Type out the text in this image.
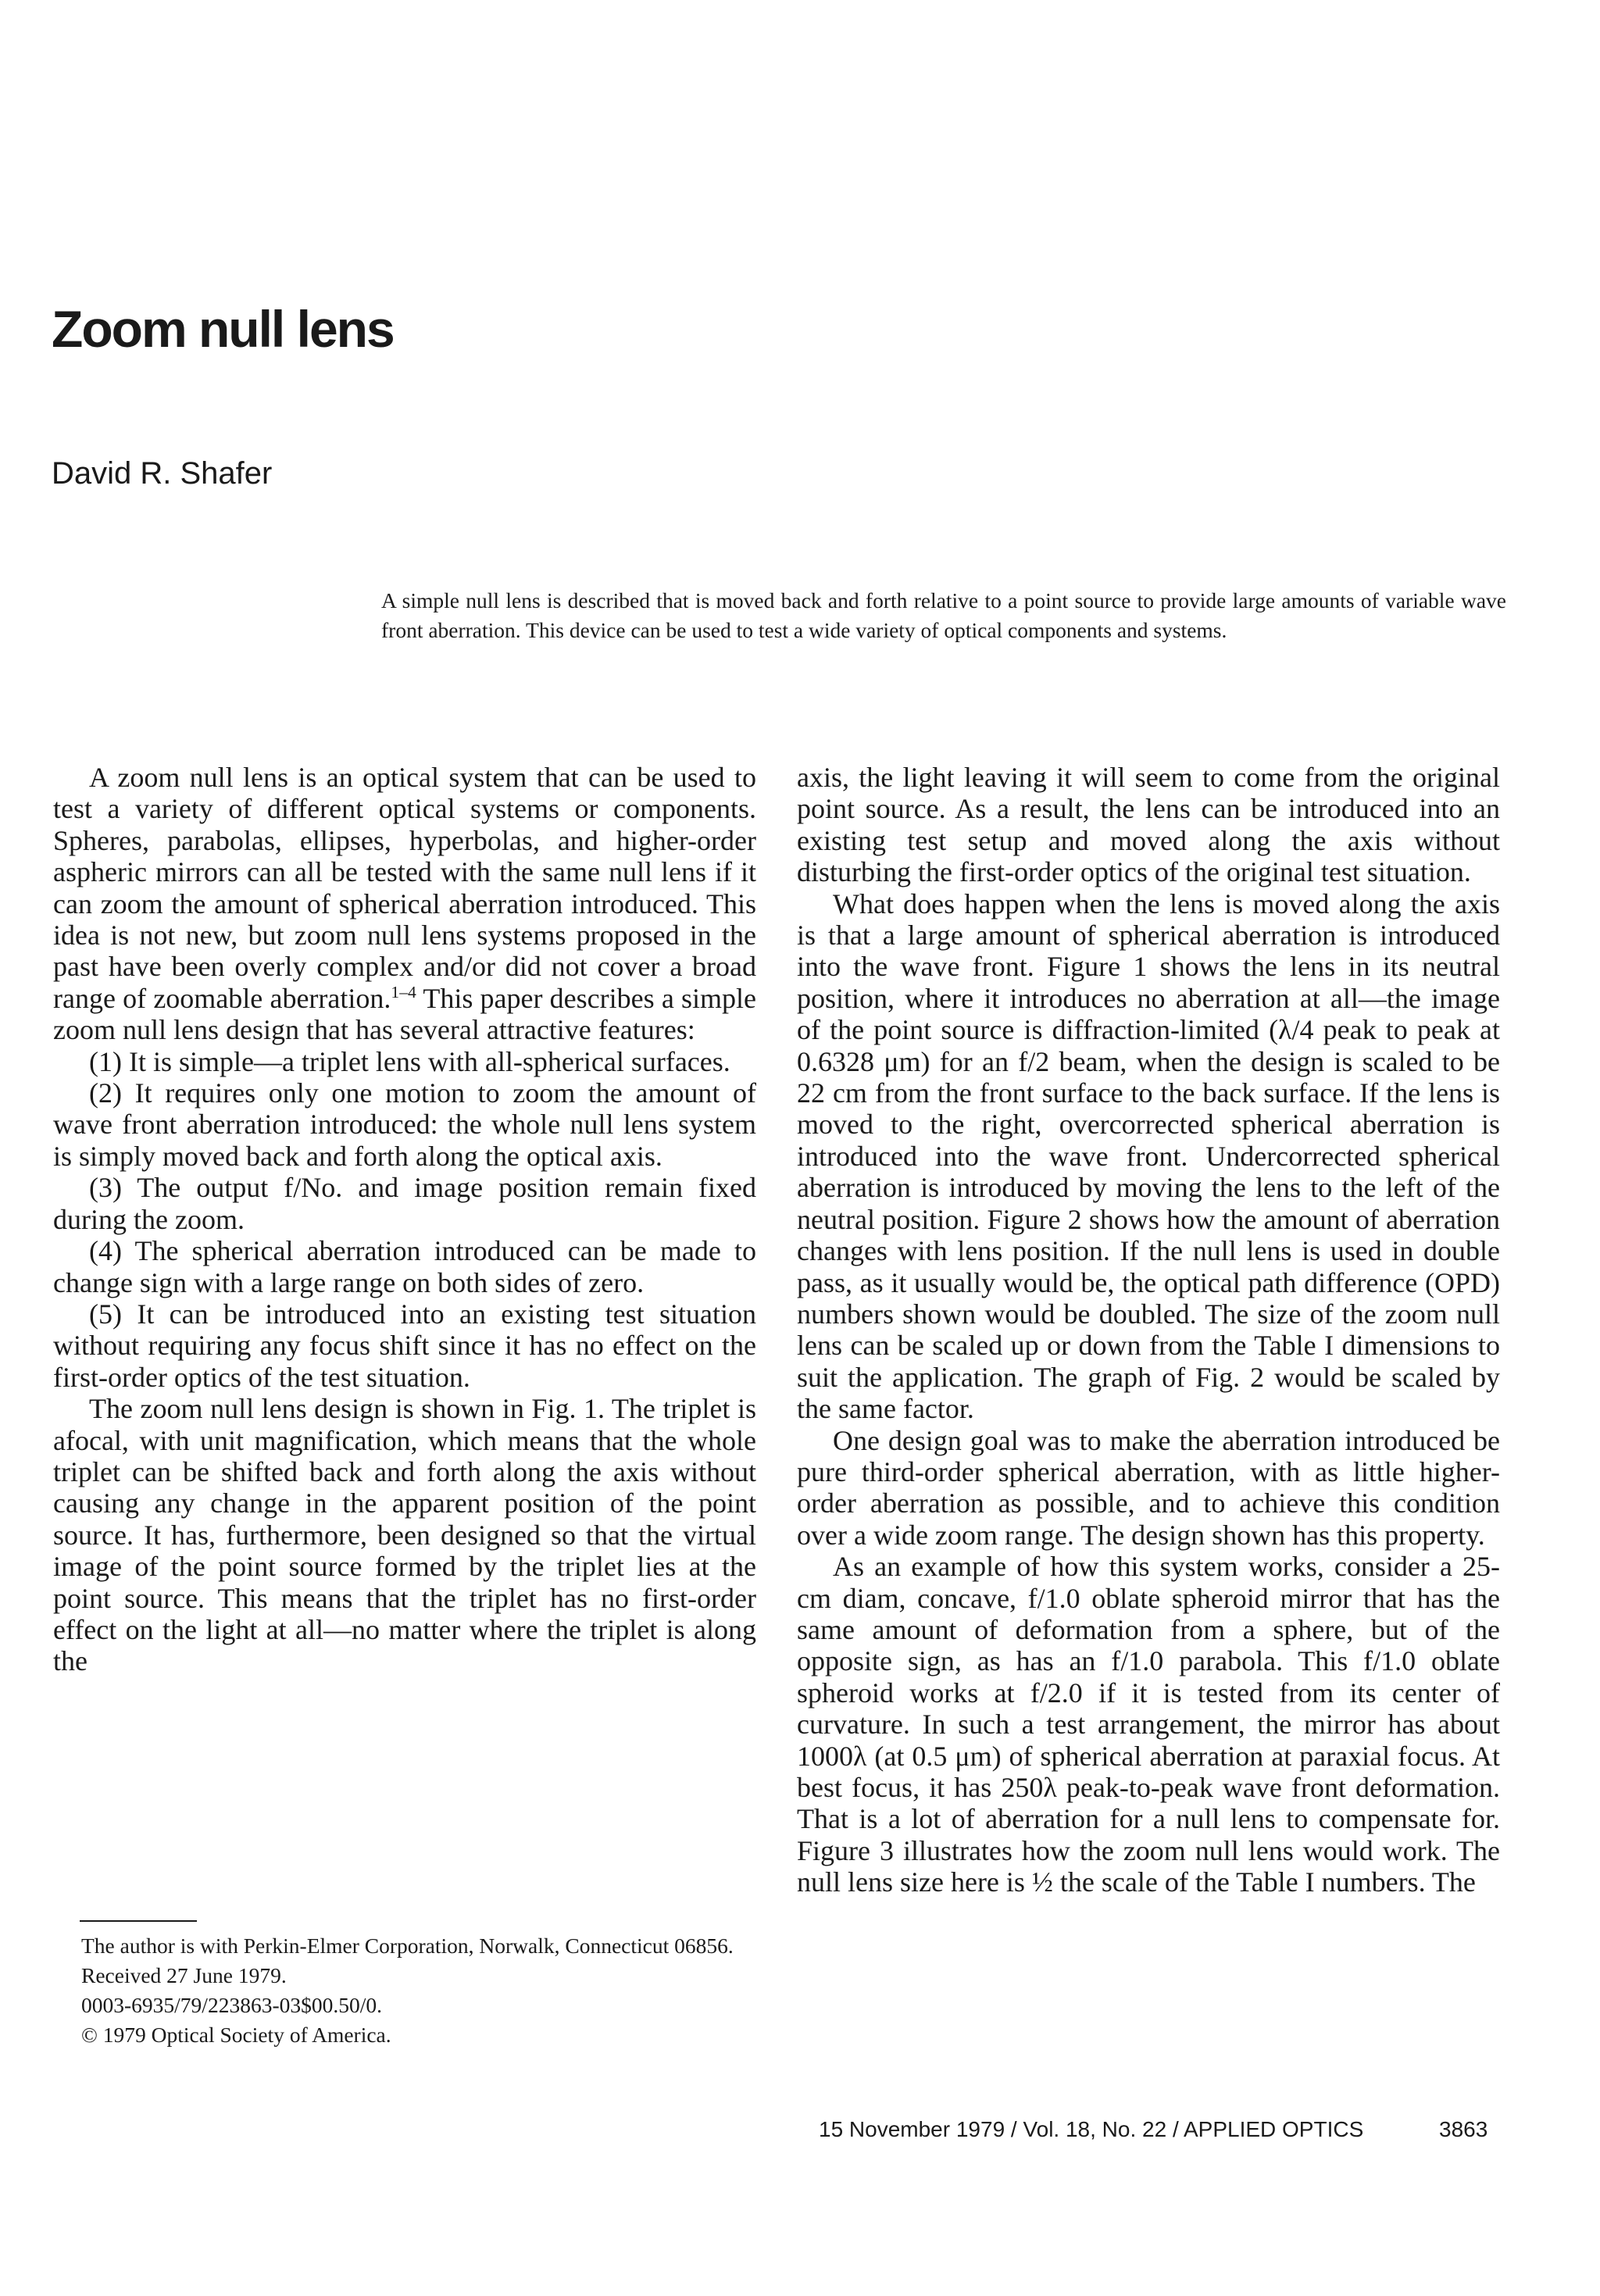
Zoom null lens

David R. Shafer

A simple null lens is described that is moved back and forth relative to a point source to provide large amounts of variable wave front aberration. This device can be used to test a wide variety of optical components and systems.

A zoom null lens is an optical system that can be used to test a variety of different optical systems or components. Spheres, parabolas, ellipses, hyperbolas, and higher-order aspheric mirrors can all be tested with the same null lens if it can zoom the amount of spherical aberration introduced. This idea is not new, but zoom null lens systems proposed in the past have been overly complex and/or did not cover a broad range of zoomable aberration.$^{1-4}$ This paper describes a simple zoom null lens design that has several attractive features:

(1) It is simple—a triplet lens with all-spherical surfaces.

(2) It requires only one motion to zoom the amount of wave front aberration introduced: the whole null lens system is simply moved back and forth along the optical axis.

(3) The output f/No. and image position remain fixed during the zoom.

(4) The spherical aberration introduced can be made to change sign with a large range on both sides of zero.

(5) It can be introduced into an existing test situation without requiring any focus shift since it has no effect on the first-order optics of the test situation.

The zoom null lens design is shown in Fig. 1. The triplet is afocal, with unit magnification, which means that the whole triplet can be shifted back and forth along the axis without causing any change in the apparent position of the point source. It has, furthermore, been designed so that the virtual image of the point source formed by the triplet lies at the point source. This means that the triplet has no first-order effect on the light at all—no matter where the triplet is along the

axis, the light leaving it will seem to come from the original point source. As a result, the lens can be introduced into an existing test setup and moved along the axis without disturbing the first-order optics of the original test situation.

What does happen when the lens is moved along the axis is that a large amount of spherical aberration is introduced into the wave front. Figure 1 shows the lens in its neutral position, where it introduces no aberration at all—the image of the point source is diffraction-limited (λ/4 peak to peak at 0.6328 μm) for an f/2 beam, when the design is scaled to be 22 cm from the front surface to the back surface. If the lens is moved to the right, overcorrected spherical aberration is introduced into the wave front. Undercorrected spherical aberration is introduced by moving the lens to the left of the neutral position. Figure 2 shows how the amount of aberration changes with lens position. If the null lens is used in double pass, as it usually would be, the optical path difference (OPD) numbers shown would be doubled. The size of the zoom null lens can be scaled up or down from the Table I dimensions to suit the application. The graph of Fig. 2 would be scaled by the same factor.

One design goal was to make the aberration introduced be pure third-order spherical aberration, with as little higher-order aberration as possible, and to achieve this condition over a wide zoom range. The design shown has this property.

As an example of how this system works, consider a 25-cm diam, concave, f/1.0 oblate spheroid mirror that has the same amount of deformation from a sphere, but of the opposite sign, as has an f/1.0 parabola. This f/1.0 oblate spheroid works at f/2.0 if it is tested from its center of curvature. In such a test arrangement, the mirror has about 1000λ (at 0.5 μm) of spherical aberration at paraxial focus. At best focus, it has 250λ peak-to-peak wave front deformation. That is a lot of aberration for a null lens to compensate for. Figure 3 illustrates how the zoom null lens would work. The null lens size here is ½ the scale of the Table I numbers. The

The author is with Perkin-Elmer Corporation, Norwalk, Connecticut 06856.

Received 27 June 1979.

0003-6935/79/223863-03$00.50/0.

© 1979 Optical Society of America.

15 November 1979 / Vol. 18, No. 22 / APPLIED OPTICS	3863
